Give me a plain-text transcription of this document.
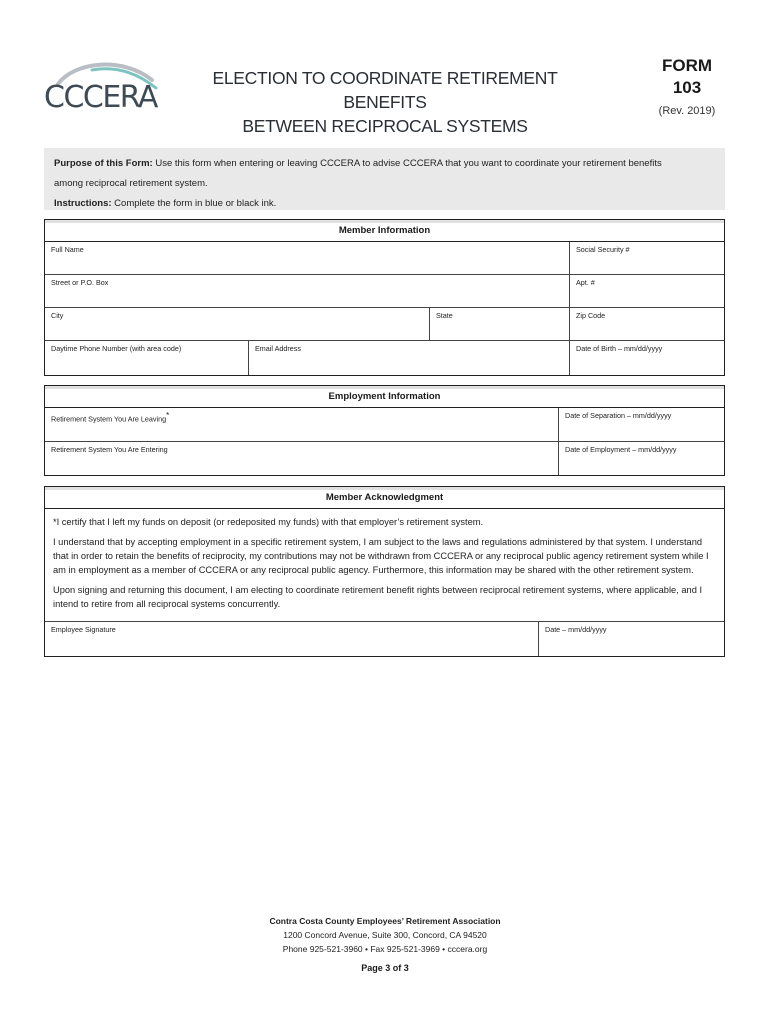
CCCERA
ELECTION TO COORDINATE RETIREMENT BENEFITS
BETWEEN RECIPROCAL SYSTEMS
FORM
103
(Rev. 2019)
Purpose of this Form: Use this form when entering or leaving CCCERA to advise CCCERA that you want to coordinate your retirement benefits
among reciprocal retirement system.
Instructions: Complete the form in blue or black ink.
Member Information
Full Name	Social Security #
Street or P.O. Box	Apt. #
City	State	Zip Code
Daytime Phone Number (with area code)	Email Address	Date of Birth – mm/dd/yyyy
Employment Information
Retirement System You Are Leaving*	Date of Separation – mm/dd/yyyy
Retirement System You Are Entering	Date of Employment – mm/dd/yyyy
Member Acknowledgment

*I certify that I left my funds on deposit (or redeposited my funds) with that employer’s retirement system.

I understand that by accepting employment in a specific retirement system, I am subject to the laws and regulations administered by that system. I understand that in order to retain the benefits of reciprocity, my contributions may not be withdrawn from CCCERA or any reciprocal public agency retirement system while I am in employment as a member of CCCERA or any reciprocal public agency. Furthermore, this information may be shared with the other retirement system.

Upon signing and returning this document, I am electing to coordinate retirement benefit rights between reciprocal retirement systems, where applicable, and I intend to retire from all reciprocal systems concurrently.

Employee Signature	Date – mm/dd/yyyy
Contra Costa County Employees’ Retirement Association
1200 Concord Avenue, Suite 300, Concord, CA 94520
Phone 925-521-3960 • Fax 925-521-3969 • cccera.org
Page 3 of 3
